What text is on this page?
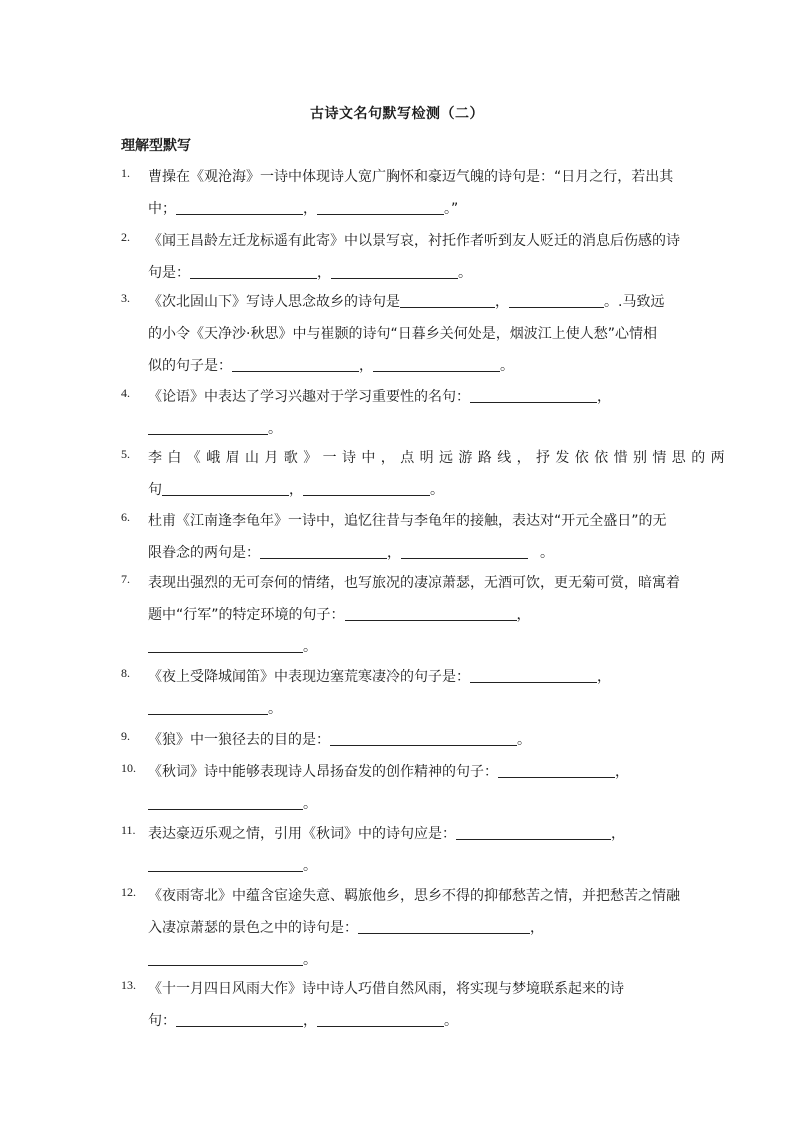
古诗文名句默写检测（二）
理解型默写
1. 曹操在《观沧海》一诗中体现诗人宽广胸怀和豪迈气魄的诗句是：“日月之行，若出其
中；	，	。”
2. 《闻王昌龄左迁龙标遥有此寄》中以景写哀，衬托作者听到友人贬迁的消息后伤感的诗
句是：	，	。
3. 《次北固山下》写诗人思念故乡的诗句是	，	。.马致远
的小令《天净沙·秋思》中与崔颢的诗句“日暮乡关何处是，烟波江上使人愁”心情相
似的句子是：	，	。
4. 《论语》中表达了学习兴趣对于学习重要性的名句：	，
。
5. 李白《峨眉山月歌》一诗中，点明远游路线，抒发依依惜别情思的两
句	，	。
6. 杜甫《江南逢李龟年》一诗中，追忆往昔与李龟年的接触，表达对“开元全盛日”的无
限眷念的两句是：	，	。
7. 表现出强烈的无可奈何的情绪，也写旅况的凄凉萧瑟，无酒可饮，更无菊可赏，暗寓着
题中“行军”的特定环境的句子：	，
。
8. 《夜上受降城闻笛》中表现边塞荒寒凄冷的句子是：	，
。
9. 《狼》中一狼径去的目的是：	。
10. 《秋词》诗中能够表现诗人昂扬奋发的创作精神的句子：	，
。
11. 表达豪迈乐观之情，引用《秋词》中的诗句应是：	，
。
12. 《夜雨寄北》中蕴含宦途失意、羁旅他乡，思乡不得的抑郁愁苦之情，并把愁苦之情融
入凄凉萧瑟的景色之中的诗句是：	，
。
13. 《十一月四日风雨大作》诗中诗人巧借自然风雨，将实现与梦境联系起来的诗
句：	，	。
